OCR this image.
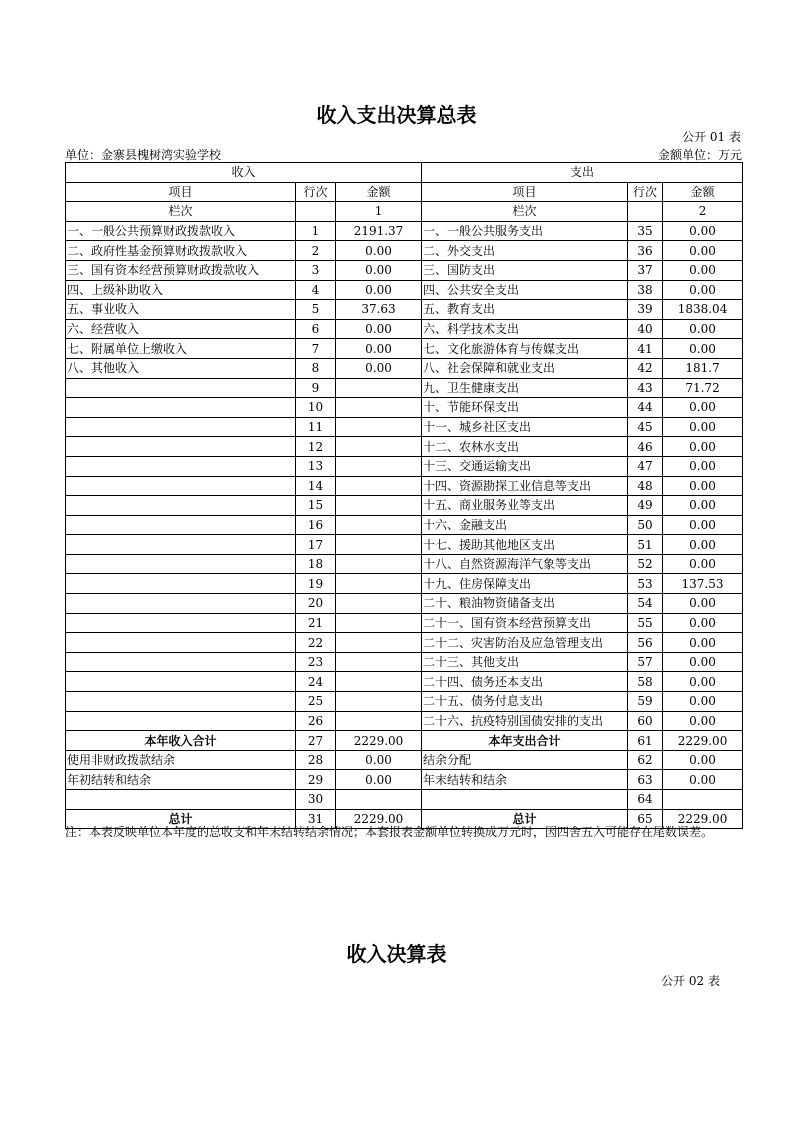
收入支出决算总表
公开 01 表
单位：金寨县槐树湾实验学校	金额单位：万元
收入			支出		
项目	行次	金额	项目	行次	金额
栏次		1	栏次		2
一、一般公共预算财政拨款收入	1	2191.37	一、一般公共服务支出	35	0.00
二、政府性基金预算财政拨款收入	2	0.00	二、外交支出	36	0.00
三、国有资本经营预算财政拨款收入	3	0.00	三、国防支出	37	0.00
四、上级补助收入	4	0.00	四、公共安全支出	38	0.00
五、事业收入	5	37.63	五、教育支出	39	1838.04
六、经营收入	6	0.00	六、科学技术支出	40	0.00
七、附属单位上缴收入	7	0.00	七、文化旅游体育与传媒支出	41	0.00
八、其他收入	8	0.00	八、社会保障和就业支出	42	181.7
	9		九、卫生健康支出	43	71.72
	10		十、节能环保支出	44	0.00
	11		十一、城乡社区支出	45	0.00
	12		十二、农林水支出	46	0.00
	13		十三、交通运输支出	47	0.00
	14		十四、资源勘探工业信息等支出	48	0.00
	15		十五、商业服务业等支出	49	0.00
	16		十六、金融支出	50	0.00
	17		十七、援助其他地区支出	51	0.00
	18		十八、自然资源海洋气象等支出	52	0.00
	19		十九、住房保障支出	53	137.53
	20		二十、粮油物资储备支出	54	0.00
	21		二十一、国有资本经营预算支出	55	0.00
	22		二十二、灾害防治及应急管理支出	56	0.00
	23		二十三、其他支出	57	0.00
	24		二十四、债务还本支出	58	0.00
	25		二十五、债务付息支出	59	0.00
	26		二十六、抗疫特别国债安排的支出	60	0.00
本年收入合计	27	2229.00	本年支出合计	61	2229.00
使用非财政拨款结余	28	0.00	结余分配	62	0.00
年初结转和结余	29	0.00	年末结转和结余	63	0.00
	30			64	
总计	31	2229.00	总计	65	2229.00
注：本表反映单位本年度的总收支和年末结转结余情况；本套报表金额单位转换成万元时，因四舍五入可能存在尾数误差。
收入决算表
公开 02 表
